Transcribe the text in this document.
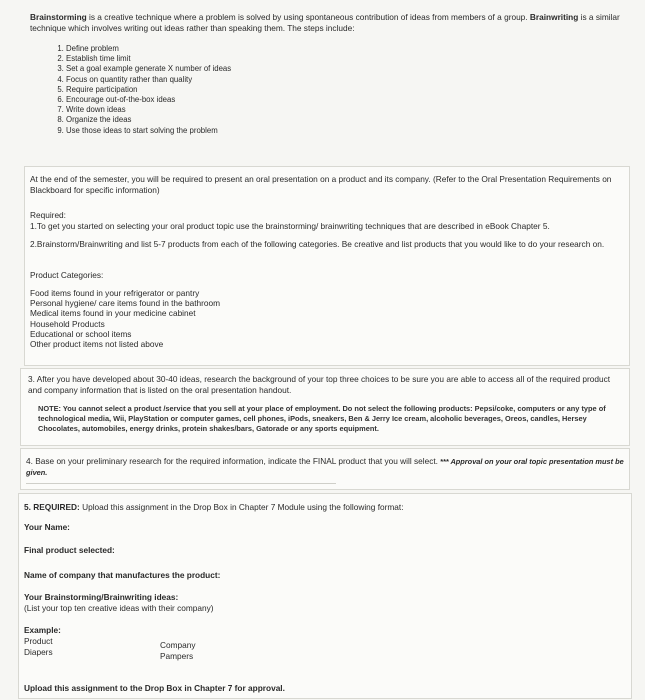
Brainstorming is a creative technique where a problem is solved by using spontaneous contribution of ideas from members of a group. Brainwriting is a similar technique which involves writing out ideas rather than speaking them. The steps include:

1. Define problem
2. Establish time limit
3. Set a goal example generate X number of ideas
4. Focus on quantity rather than quality
5. Require participation
6. Encourage out-of-the-box ideas
7. Write down ideas
8. Organize the ideas
9. Use those ideas to start solving the problem

At the end of the semester, you will be required to present an oral presentation on a product and its company. (Refer to the Oral Presentation Requirements on Blackboard for specific information)

Required:

1.To get you started on selecting your oral product topic use the brainstorming/ brainwriting techniques that are described in eBook Chapter 5.

2.Brainstorm/Brainwriting and list 5-7 products from each of the following categories. Be creative and list products that you would like to do your research on.

Product Categories:

Food items found in your refrigerator or pantry
Personal hygiene/ care items found in the bathroom
Medical items found in your medicine cabinet
Household Products
Educational or school items
Other product items not listed above

3. After you have developed about 30-40 ideas, research the background of your top three choices to be sure you are able to access all of the required product and company information that is listed on the oral presentation handout.

NOTE: You cannot select a product /service that you sell at your place of employment. Do not select the following products: Pepsi/coke, computers or any type of technological media, Wii, PlayStation or computer games, cell phones, iPods, sneakers, Ben & Jerry Ice cream, alcoholic beverages, Oreos, candles, Hersey Chocolates, automobiles, energy drinks, protein shakes/bars, Gatorade or any sports equipment.

4. Base on your preliminary research for the required information, indicate the FINAL product that you will select. *** Approval on your oral topic presentation must be given.

5. REQUIRED: Upload this assignment in the Drop Box in Chapter 7 Module using the following format:

Your Name:

Final product selected:

Name of company that manufactures the product:

Your Brainstorming/Brainwriting ideas:

(List your top ten creative ideas with their company)

Example:

Product

Diapers

Company

Pampers

Upload this assignment to the Drop Box in Chapter 7 for approval.
